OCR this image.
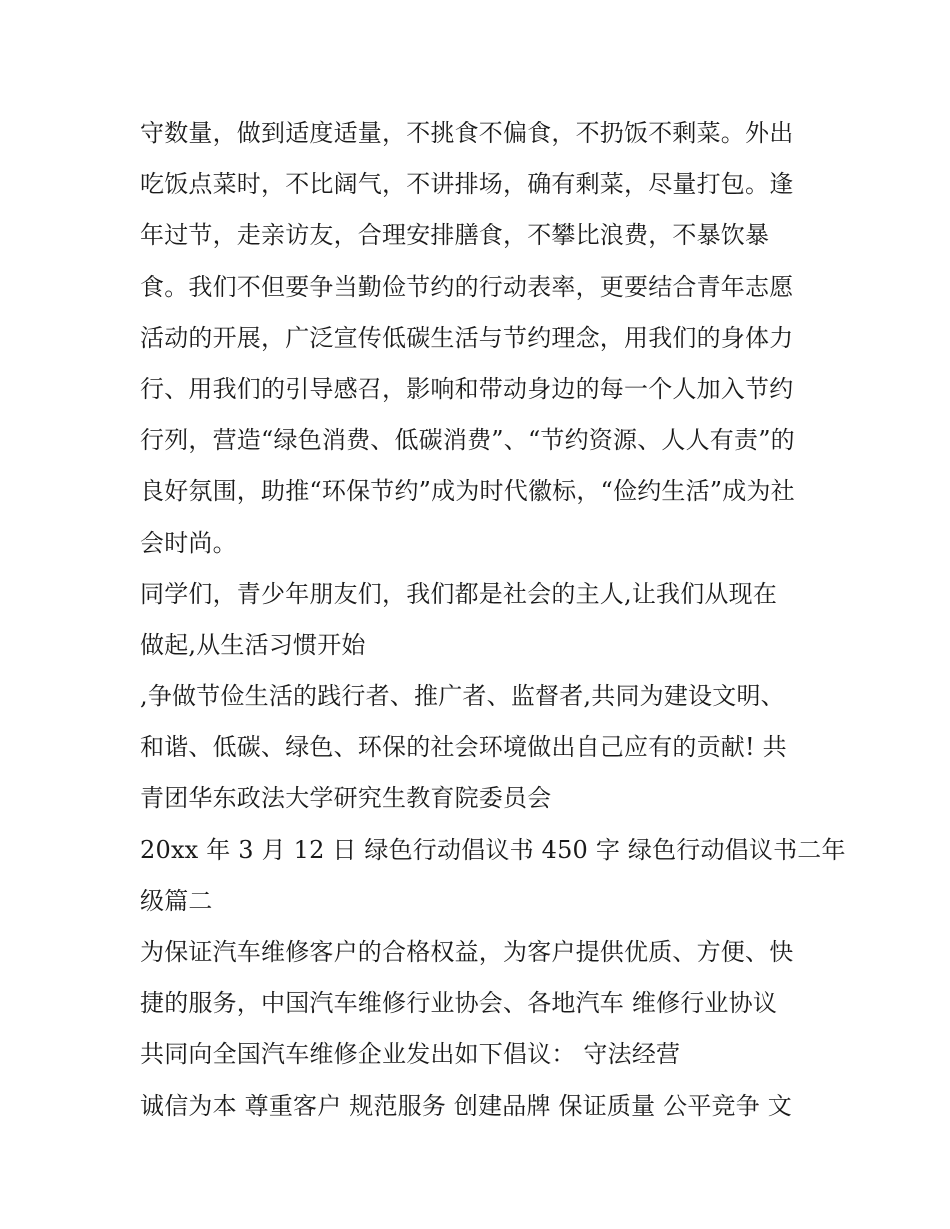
守数量，做到适度适量，不挑食不偏食，不扔饭不剩菜。外出
吃饭点菜时，不比阔气，不讲排场，确有剩菜，尽量打包。逢
年过节，走亲访友，合理安排膳食，不攀比浪费，不暴饮暴
食。我们不但要争当勤俭节约的行动表率，更要结合青年志愿
活动的开展，广泛宣传低碳生活与节约理念，用我们的身体力
行、用我们的引导感召，影响和带动身边的每一个人加入节约
行列，营造“绿色消费、低碳消费”、“节约资源、人人有责”的
良好氛围，助推“环保节约”成为时代徽标，“俭约生活”成为社
会时尚。
同学们，青少年朋友们，我们都是社会的主人,让我们从现在
做起,从生活习惯开始
,争做节俭生活的践行者、推广者、监督者,共同为建设文明、
和谐、低碳、绿色、环保的社会环境做出自己应有的贡献! 共
青团华东政法大学研究生教育院委员会
20xx 年 3 月 12 日 绿色行动倡议书 450 字 绿色行动倡议书二年
级篇二
为保证汽车维修客户的合格权益，为客户提供优质、方便、快
捷的服务，中国汽车维修行业协会、各地汽车 维修行业协议
共同向全国汽车维修企业发出如下倡议： 守法经营
诚信为本 尊重客户 规范服务 创建品牌 保证质量 公平竞争 文
